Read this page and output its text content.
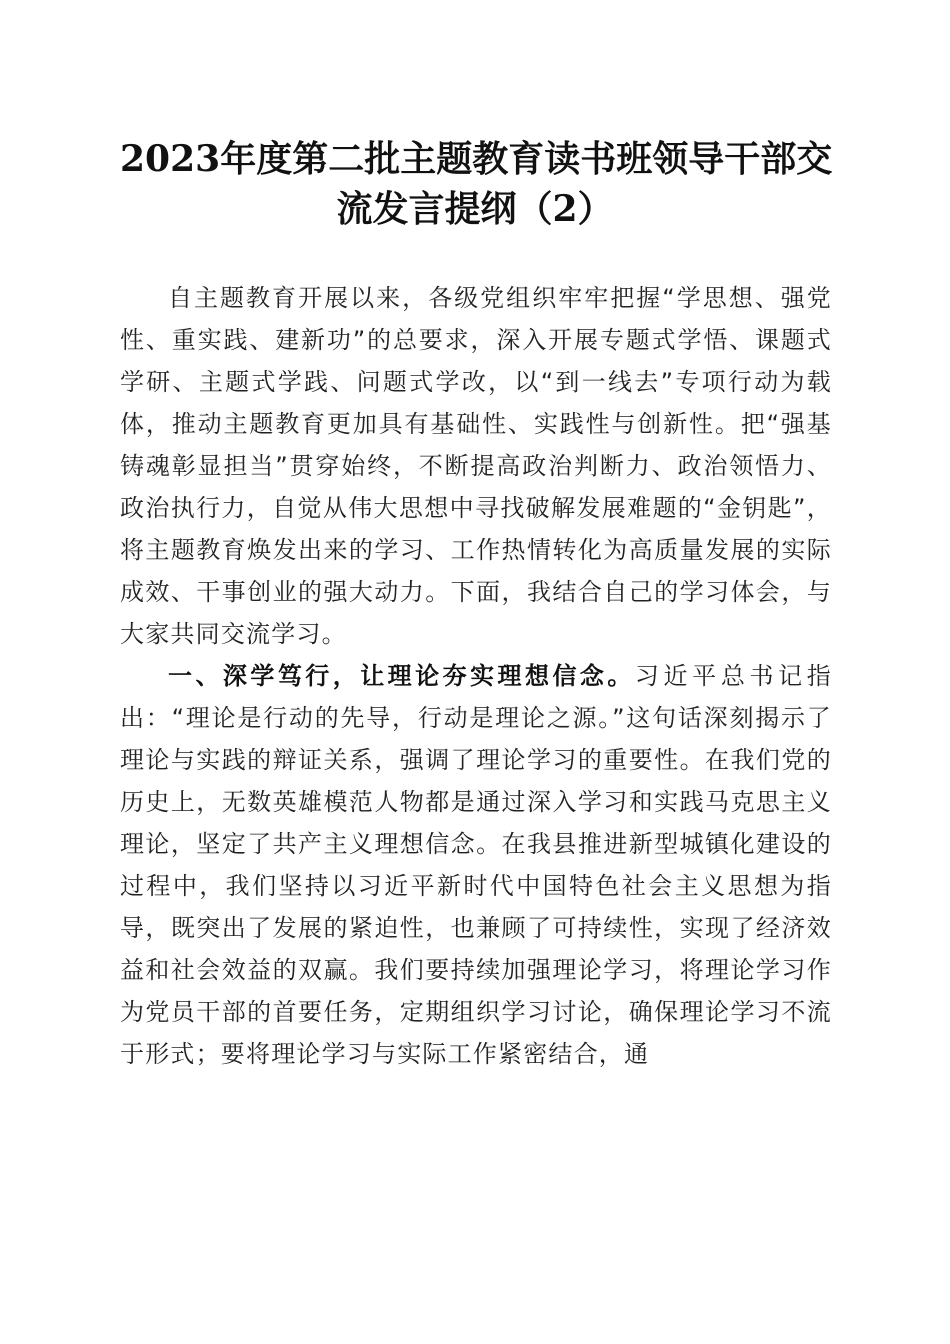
2023年度第二批主题教育读书班领导干部交
流发言提纲（2）

自主题教育开展以来，各级党组织牢牢把握“学思想、强党性、重实践、建新功”的总要求，深入开展专题式学悟、课题式学研、主题式学践、问题式学改，以“到一线去”专项行动为载体，推动主题教育更加具有基础性、实践性与创新性。把“强基铸魂彰显担当”贯穿始终，不断提高政治判断力、政治领悟力、政治执行力，自觉从伟大思想中寻找破解发展难题的“金钥匙”，将主题教育焕发出来的学习、工作热情转化为高质量发展的实际成效、干事创业的强大动力。下面，我结合自己的学习体会，与大家共同交流学习。

一、深学笃行，让理论夯实理想信念。习近平总书记指出：“理论是行动的先导，行动是理论之源。”这句话深刻揭示了理论与实践的辩证关系，强调了理论学习的重要性。在我们党的历史上，无数英雄模范人物都是通过深入学习和实践马克思主义理论，坚定了共产主义理想信念。在我县推进新型城镇化建设的过程中，我们坚持以习近平新时代中国特色社会主义思想为指导，既突出了发展的紧迫性，也兼顾了可持续性，实现了经济效益和社会效益的双赢。我们要持续加强理论学习，将理论学习作为党员干部的首要任务，定期组织学习讨论，确保理论学习不流于形式；要将理论学习与实际工作紧密结合，通
